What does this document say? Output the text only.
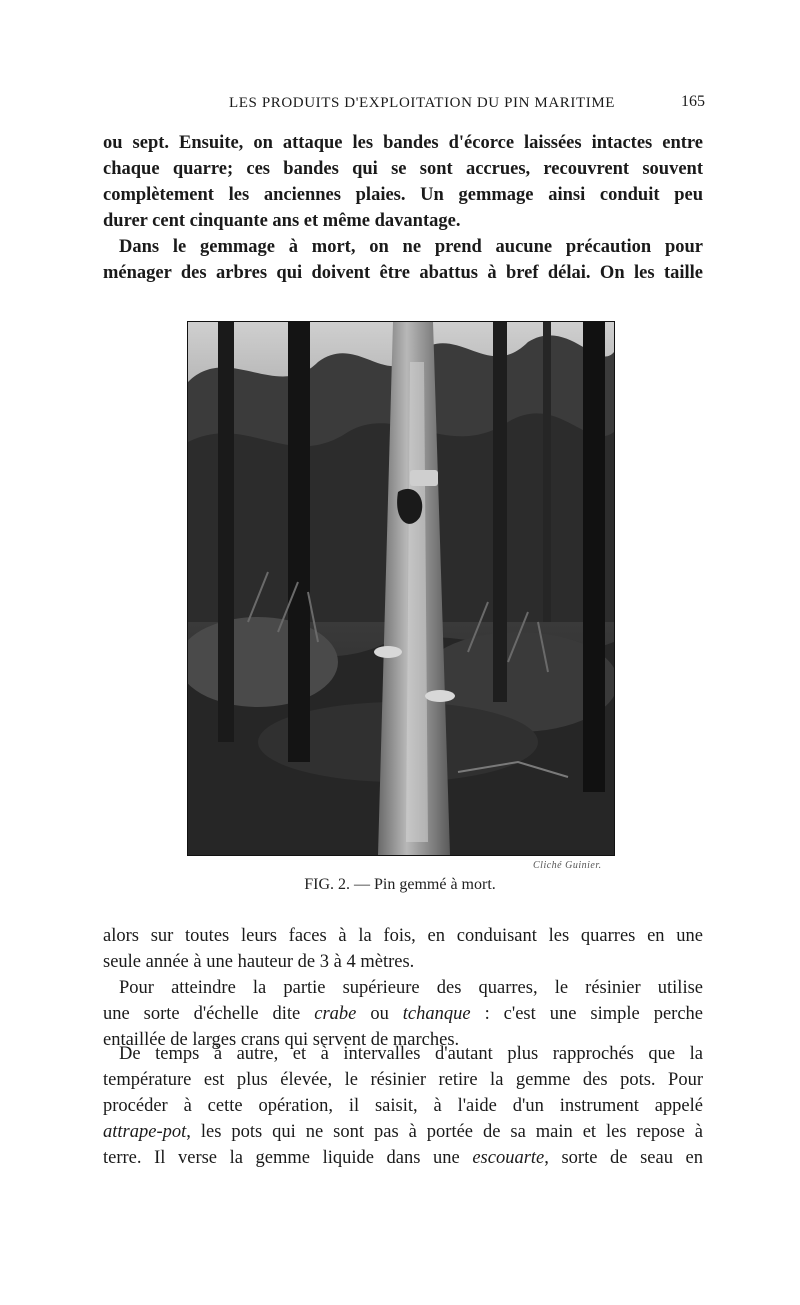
LES PRODUITS D'EXPLOITATION DU PIN MARITIME	165
ou sept. Ensuite, on attaque les bandes d'écorce laissées intactes entre
chaque quarre; ces bandes qui se sont accrues, recouvrent souvent
complètement les anciennes plaies. Un gemmage ainsi conduit peu
durer cent cinquante ans et même davantage.
Dans le gemmage à mort, on ne prend aucune précaution pour
ménager des arbres qui doivent être abattus à bref délai. On les taille
Cliché Guinier.
FIG. 2. — Pin gemmé à mort.
alors sur toutes leurs faces à la fois, en conduisant les quarres en une
seule année à une hauteur de 3 à 4 mètres.
Pour atteindre la partie supérieure des quarres, le résinier utilise
une sorte d'échelle dite crabe ou tchanque : c'est une simple perche
entaillée de larges crans qui servent de marches.
De temps à autre, et à intervalles d'autant plus rapprochés que la
température est plus élevée, le résinier retire la gemme des pots. Pour
procéder à cette opération, il saisit, à l'aide d'un instrument appelé
attrape-pot, les pots qui ne sont pas à portée de sa main et les repose à
terre. Il verse la gemme liquide dans une escouarte, sorte de seau en
